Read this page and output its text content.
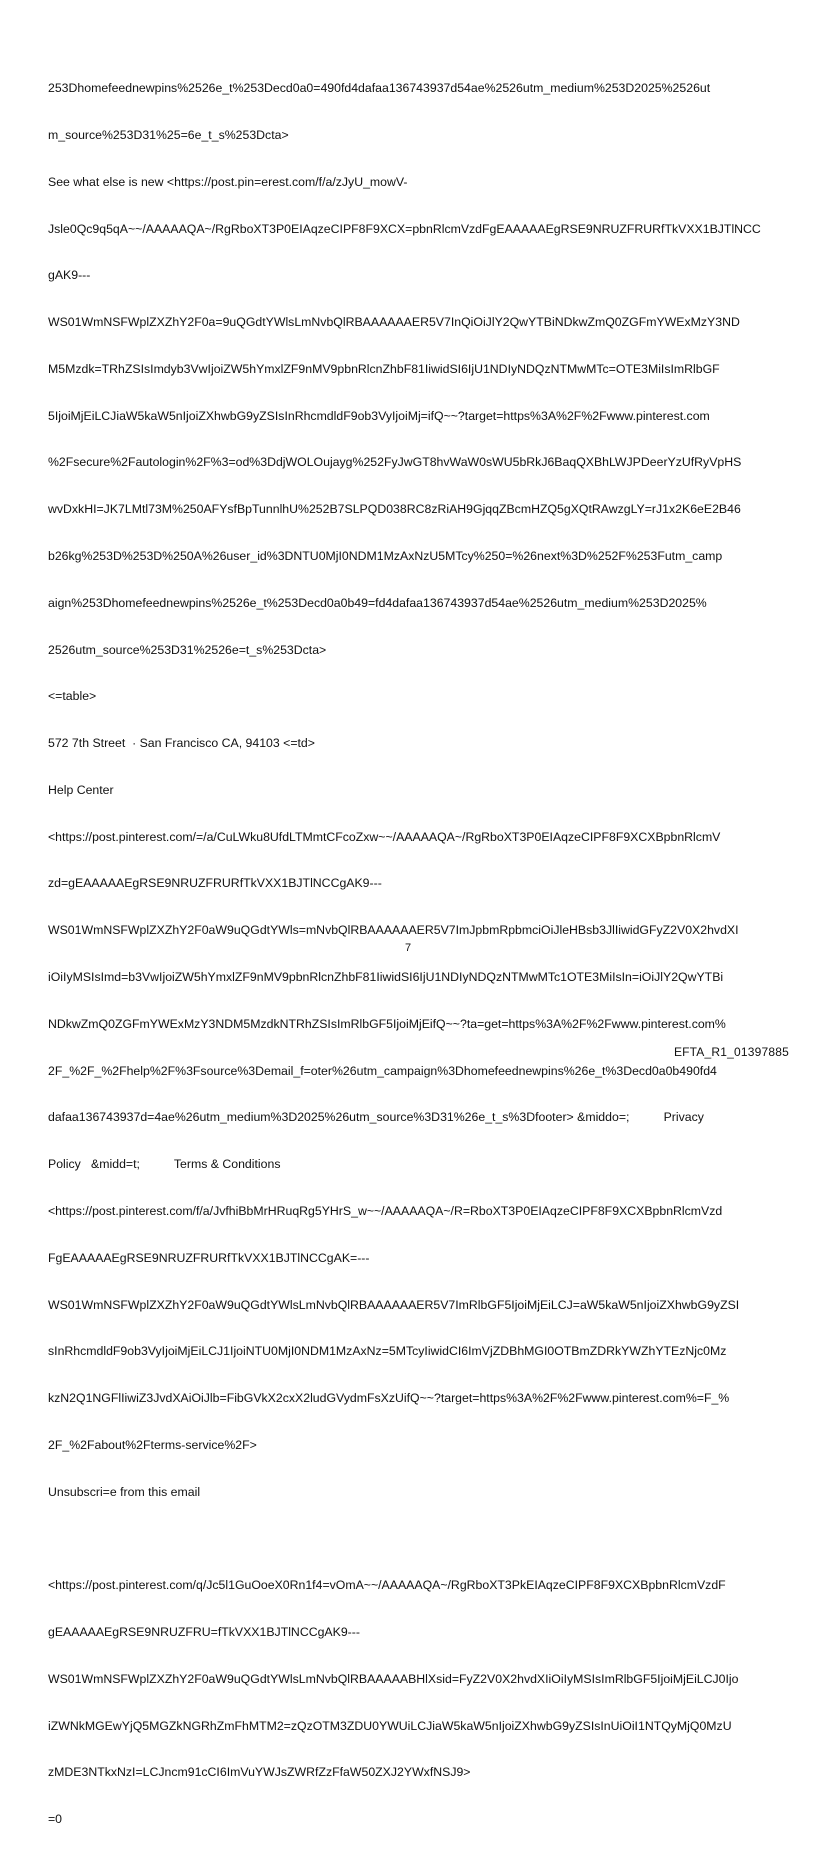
253Dhomefeednewpins%2526e_t%253Decd0a0=490fd4dafaa136743937d54ae%2526utm_medium%253D2025%2526ut

m_source%253D31%25=6e_t_s%253Dcta>

See what else is new <https://post.pin=erest.com/f/a/zJyU_mowV-

Jsle0Qc9q5qA~~/AAAAAQA~/RgRboXT3P0EIAqzeCIPF8F9XCX=pbnRlcmVzdFgEAAAAAEgRSE9NRUZFRURfTkVXX1BJTlNCC

gAK9---

WS01WmNSFWplZXZhY2F0a=9uQGdtYWlsLmNvbQlRBAAAAAAER5V7InQiOiJlY2QwYTBiNDkwZmQ0ZGFmYWExMzY3ND

M5Mzdk=TRhZSIsImdyb3VwIjoiZW5hYmxlZF9nMV9pbnRlcnZhbF81IiwidSI6IjU1NDIyNDQzNTMwMTc=OTE3MiIsImRlbGF

5IjoiMjEiLCJiaW5kaW5nIjoiZXhwbG9yZSIsInRhcmdldF9ob3VyIjoiMj=ifQ~~?target=https%3A%2F%2Fwww.pinterest.com

%2Fsecure%2Fautologin%2F%3=od%3DdjWOLOujayg%252FyJwGT8hvWaW0sWU5bRkJ6BaqQXBhLWJPDeerYzUfRyVpHS

wvDxkHI=JK7LMtl73M%250AFYsfBpTunnlhU%252B7SLPQD038RC8zRiAH9GjqqZBcmHZQ5gXQtRAwzgLY=rJ1x2K6eE2B46

b26kg%253D%253D%250A%26user_id%3DNTU0MjI0NDM1MzAxNzU5MTcy%250=%26next%3D%252F%253Futm_camp

aign%253Dhomefeednewpins%2526e_t%253Decd0a0b49=fd4dafaa136743937d54ae%2526utm_medium%253D2025%

2526utm_source%253D31%2526e=t_s%253Dcta>

<=table>

572 7th Street  · San Francisco CA, 94103 <=td>

Help Center

<https://post.pinterest.com/=/a/CuLWku8UfdLTMmtCFcoZxw~~/AAAAAQA~/RgRboXT3P0EIAqzeCIPF8F9XCXBpbnRlcmV

zd=gEAAAAAEgRSE9NRUZFRURfTkVXX1BJTlNCCgAK9---

WS01WmNSFWplZXZhY2F0aW9uQGdtYWls=mNvbQlRBAAAAAAER5V7ImJpbmRpbmciOiJleHBsb3JlIiwidGFyZ2V0X2hvdXI

iOiIyMSIsImd=b3VwIjoiZW5hYmxlZF9nMV9pbnRlcnZhbF81IiwidSI6IjU1NDIyNDQzNTMwMTc1OTE3MiIsIn=iOiJlY2QwYTBi

NDkwZmQ0ZGFmYWExMzY3NDM5MzdkNTRhZSIsImRlbGF5IjoiMjEifQ~~?ta=get=https%3A%2F%2Fwww.pinterest.com%

2F_%2F_%2Fhelp%2F%3Fsource%3Demail_f=oter%26utm_campaign%3Dhomefeednewpins%26e_t%3Decd0a0b490fd4

dafaa136743937d=4ae%26utm_medium%3D2025%26utm_source%3D31%26e_t_s%3Dfooter> &middo=;          Privacy

Policy   &midd=t;          Terms & Conditions

<https://post.pinterest.com/f/a/JvfhiBbMrHRuqRg5YHrS_w~~/AAAAAQA~/R=RboXT3P0EIAqzeCIPF8F9XCXBpbnRlcmVzd

FgEAAAAAEgRSE9NRUZFRURfTkVXX1BJTlNCCgAK=---

WS01WmNSFWplZXZhY2F0aW9uQGdtYWlsLmNvbQlRBAAAAAAER5V7ImRlbGF5IjoiMjEiLCJ=aW5kaW5nIjoiZXhwbG9yZSI

sInRhcmdldF9ob3VyIjoiMjEiLCJ1IjoiNTU0MjI0NDM1MzAxNz=5MTcyIiwidCI6ImVjZDBhMGI0OTBmZDRkYWZhYTEzNjc0Mz

kzN2Q1NGFlIiwiZ3JvdXAiOiJlb=FibGVkX2cxX2ludGVydmFsXzUifQ~~?target=https%3A%2F%2Fwww.pinterest.com%=F_%

2F_%2Fabout%2Fterms-service%2F>

Unsubscri=e from this email

<https://post.pinterest.com/q/Jc5l1GuOoeX0Rn1f4=vOmA~~/AAAAAQA~/RgRboXT3PkEIAqzeCIPF8F9XCXBpbnRlcmVzdF

gEAAAAAEgRSE9NRUZFRU=fTkVXX1BJTlNCCgAK9---

WS01WmNSFWplZXZhY2F0aW9uQGdtYWlsLmNvbQlRBAAAAABHlXsid=FyZ2V0X2hvdXIiOiIyMSIsImRlbGF5IjoiMjEiLCJ0Ijo

iZWNkMGEwYjQ5MGZkNGRhZmFhMTM2=zQzOTM3ZDU0YWUiLCJiaW5kaW5nIjoiZXhwbG9yZSIsInUiOiI1NTQyMjQ0MzU

zMDE3NTkxNzI=LCJncm91cCI6ImVuYWJsZWRfZzFfaW50ZXJ2YWxfNSJ9>

=0

7
EFTA_R1_01397885
